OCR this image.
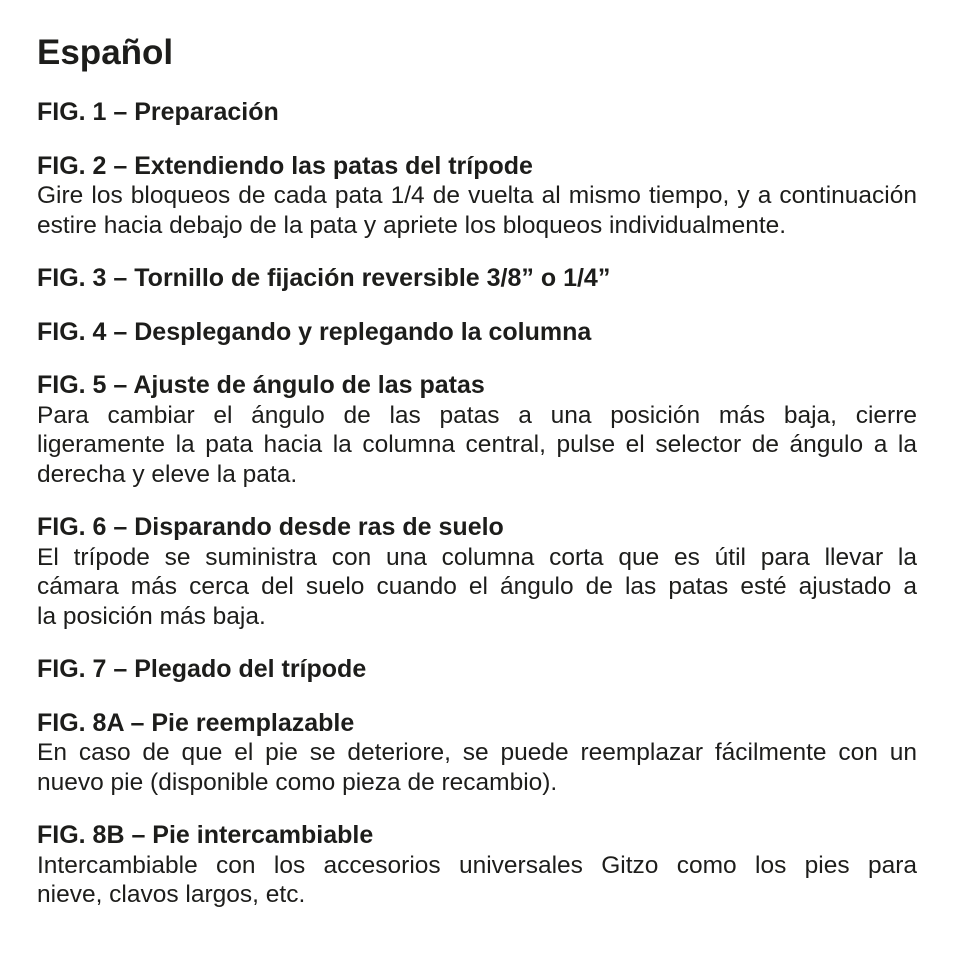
Español
FIG. 1 – Preparación
FIG. 2 – Extendiendo las patas del trípode
Gire los bloqueos de cada pata 1/4 de vuelta al mismo tiempo, y a continuación
estire hacia debajo de la pata y apriete los bloqueos individualmente.
FIG. 3 – Tornillo de fijación reversible 3/8” o 1/4”
FIG. 4 – Desplegando y replegando la columna
FIG. 5 – Ajuste de ángulo de las patas
Para cambiar el ángulo de las patas a una posición más baja, cierre
ligeramente la pata hacia la columna central, pulse el selector de ángulo a la
derecha y eleve la pata.
FIG. 6 – Disparando desde ras de suelo
El trípode se suministra con una columna corta que es útil para llevar la
cámara más cerca del suelo cuando el ángulo de las patas esté ajustado a
la posición más baja.
FIG. 7 – Plegado del trípode
FIG. 8A – Pie reemplazable
En caso de que el pie se deteriore, se puede reemplazar fácilmente con un
nuevo pie (disponible como pieza de recambio).
FIG. 8B – Pie intercambiable
Intercambiable con los accesorios universales Gitzo como los pies para
nieve, clavos largos, etc.
